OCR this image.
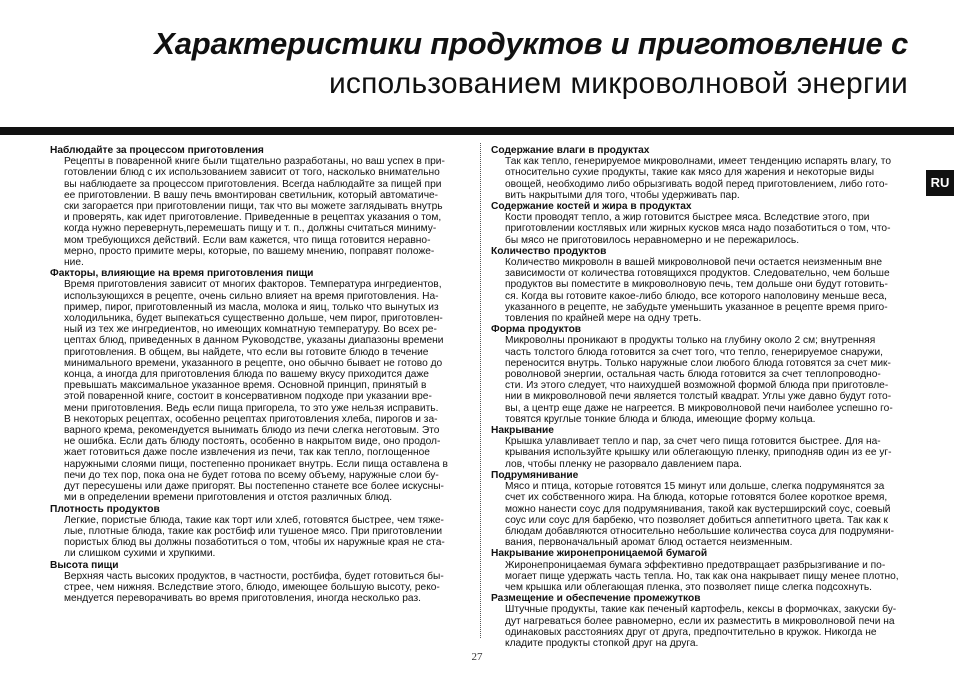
Характеристики продуктов и приготовление с
использованием микроволновой энергии
RU
Наблюдайте за процессом приготовления
Рецепты в поваренной книге были тщательно разработаны, но ваш успех в при-
готовлении блюд с их использованием зависит от того, насколько внимательно
вы наблюдаете за процессом приготовления. Всегда наблюдайте за пищей при
ее приготовлении. В вашу печь вмонтирован светильник, который автоматиче-
ски загорается при приготовлении пищи, так что вы можете заглядывать внутрь
и проверять, как идет приготовление. Приведенные в рецептах указания о том,
когда нужно перевернуть,перемешать пищу и т. п., должны считаться миниму-
мом требующихся действий. Если вам кажется, что пища готовится неравно-
мерно, просто примите меры, которые, по вашему мнению, поправят положе-
ние.
Факторы, влияющие на время приготовления пищи
Время приготовления зависит от многих факторов. Температура ингредиентов,
использующихся в рецепте, очень сильно влияет на время приготовления. На-
пример, пирог, приготовленный из масла, молока и яиц, только что вынутых из
холодильника, будет выпекаться существенно дольше, чем пирог, приготовлен-
ный из тех же ингредиентов, но имеющих комнатную температуру. Во всех ре-
цептах блюд, приведенных в данном Руководстве, указаны диапазоны времени
приготовления. В общем, вы найдете, что если вы готовите блюдо в течение
минимального времени, указанного в рецепте, оно обычно бывает не готово до
конца, а иногда для приготовления блюда по вашему вкусу приходится даже
превышать максимальное указанное время. Основной принцип, принятый в
этой поваренной книге, состоит в консервативном подходе при указании вре-
мени приготовления. Ведь если пища пригорела, то это уже нельзя исправить.
В некоторых рецептах, особенно рецептах приготовления хлеба, пирогов и за-
варного крема, рекомендуется вынимать блюдо из печи слегка неготовым. Это
не ошибка. Если дать блюду постоять, особенно в накрытом виде, оно продол-
жает готовиться даже после извлечения из печи, так как тепло, поглощенное
наружными слоями пищи, постепенно проникает внутрь. Если пища оставлена в
печи до тех пор, пока она не будет готова по всему объему, наружные слои бу-
дут пересушены или даже пригорят. Вы постепенно станете все более искусны-
ми в определении времени приготовления и отстоя различных блюд.
Плотность продуктов
Легкие, пористые блюда, такие как торт или хлеб, готовятся быстрее, чем тяже-
лые, плотные блюда, такие как ростбиф или тушеное мясо. При приготовлении
пористых блюд вы должны позаботиться о том, чтобы их наружные края не ста-
ли слишком сухими и хрупкими.
Высота пищи
Верхняя часть высоких продуктов, в частности, ростбифа, будет готовиться бы-
стрее, чем нижняя. Вследствие этого, блюдо, имеющее большую высоту, реко-
мендуется переворачивать во время приготовления, иногда несколько раз.
Содержание влаги в продуктах
Так как тепло, генерируемое микроволнами, имеет тенденцию испарять влагу, то
относительно сухие продукты, такие как мясо для жарения и некоторые виды
овощей, необходимо либо обрызгивать водой перед приготовлением, либо гото-
вить накрытыми для того, чтобы удерживать пар.
Содержание костей и жира в продуктах
Кости проводят тепло, а жир готовится быстрее мяса. Вследствие этого, при
приготовлении костлявых или жирных кусков мяса надо позаботиться о том, что-
бы мясо не приготовилось неравномерно и не пережарилось.
Количество продуктов
Количество микроволн в вашей микроволновой печи остается неизменным вне
зависимости от количества готовящихся продуктов. Следовательно, чем больше
продуктов вы поместите в микроволновую печь, тем дольше они будут готовить-
ся. Когда вы готовите какое-либо блюдо, все которого наполовину меньше веса,
указанного в рецепте, не забудьте уменьшить указанное в рецепте время приго-
товления по крайней мере на одну треть.
Форма продуктов
Микроволны проникают в продукты только на глубину около 2 см; внутренняя
часть толстого блюда готовится за счет того, что тепло, генерируемое снаружи,
переносится внутрь. Только наружные слои любого блюда готовятся за счет мик-
роволновой энергии, остальная часть блюда готовится за счет теплопроводно-
сти. Из этого следует, что наихудшей возможной формой блюда при приготовле-
нии в микроволновой печи является толстый квадрат. Углы уже давно будут гото-
вы, а центр еще даже не нагреется. В микроволновой печи наиболее успешно го-
товятся круглые тонкие блюда и блюда, имеющие форму кольца.
Накрывание
Крышка улавливает тепло и пар, за счет чего пища готовится быстрее. Для на-
крывания используйте крышку или облегающую пленку, приподняв один из ее уг-
лов, чтобы пленку не разорвало давлением пара.
Подрумянивание
Мясо и птица, которые готовятся 15 минут или дольше, слегка подрумянятся за
счет их собственного жира. На блюда, которые готовятся более короткое время,
можно нанести соус для подрумянивания, такой как вустерширский соус, соевый
соус или соус для барбекю, что позволяет добиться аппетитного цвета. Так как к
блюдам добавляются относительно небольшие количества соуса для подрумяни-
вания, первоначальный аромат блюд остается неизменным.
Накрывание жиронепроницаемой бумагой
Жиронепроницаемая бумага эффективно предотвращает разбрызгивание и по-
могает пище удержать часть тепла. Но, так как она накрывает пищу менее плотно,
чем крышка или облегающая пленка, это позволяет пище слегка подсохнуть.
Размещение и обеспечение промежутков
Штучные продукты, такие как печеный картофель, кексы в формочках, закуски бу-
дут нагреваться более равномерно, если их разместить в микроволновой печи на
одинаковых расстояниях друг от друга, предпочтительно в кружок. Никогда не
кладите продукты стопкой друг на друга.
27
